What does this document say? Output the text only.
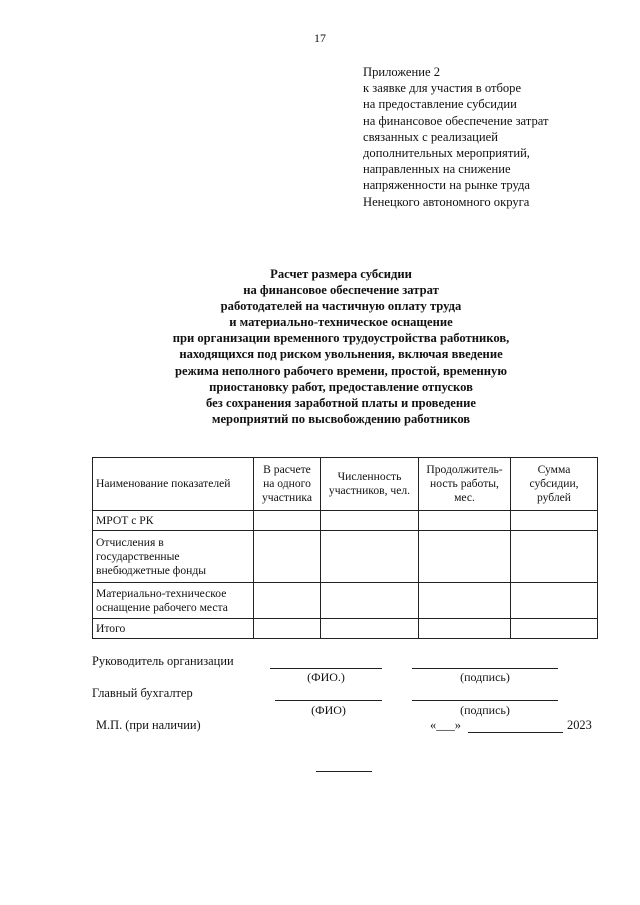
17
Приложение 2
к заявке для участия в отборе
на предоставление субсидии
на финансовое обеспечение затрат
связанных с реализацией
дополнительных мероприятий,
направленных на снижение
напряженности на рынке труда
Ненецкого автономного округа
Расчет размера субсидии
на финансовое обеспечение затрат
работодателей на частичную оплату труда
и материально-техническое оснащение
при организации временного трудоустройства работников,
находящихся под риском увольнения, включая введение
режима неполного рабочего времени, простой, временную
приостановку работ, предоставление отпусков
без сохранения заработной платы и проведение
мероприятий по высвобождению работников
Наименование показателей	В расчете на одного участника	Численность участников, чел.	Продолжитель-ность работы, мес.	Сумма субсидии, рублей
МРОТ с РК				
Отчисления в государственные внебюджетные фонды				
Материально-техническое оснащение рабочего места				
Итого				
Руководитель организации
(ФИО.)	(подпись)
Главный бухгалтер
(ФИО)	(подпись)
М.П. (при наличии)	«___»	2023
